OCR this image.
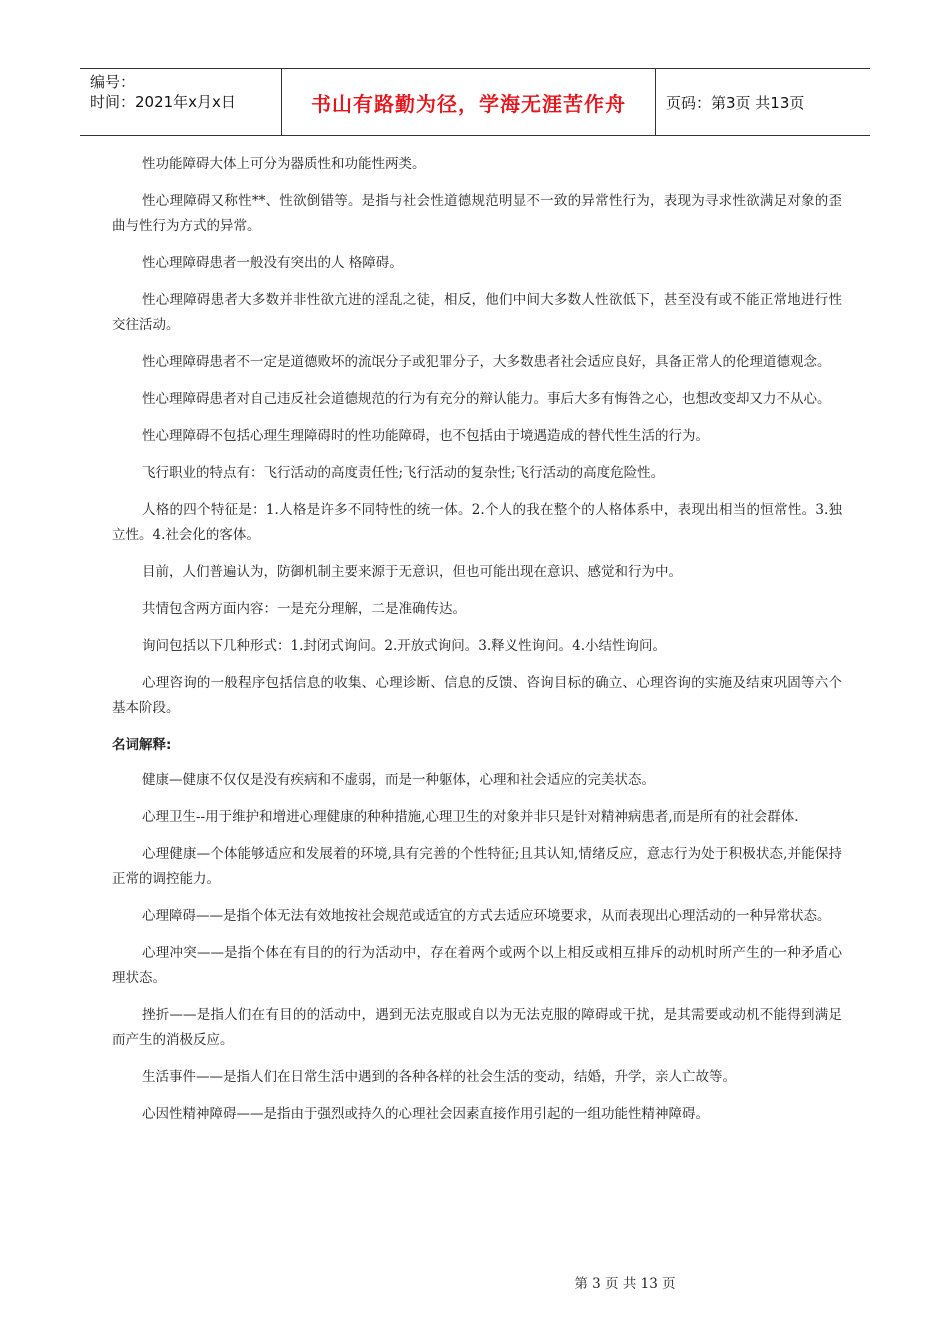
编号：
时间：2021年x月x日	书山有路勤为径，学海无涯苦作舟	页码：第3页 共13页

性功能障碍大体上可分为器质性和功能性两类。

性心理障碍又称性**、性欲倒错等。是指与社会性道德规范明显不一致的异常性行为，表现为寻求性欲满足对象的歪曲与性行为方式的异常。

性心理障碍患者一般没有突出的人 格障碍。

性心理障碍患者大多数并非性欲亢进的淫乱之徒，相反，他们中间大多数人性欲低下，甚至没有或不能正常地进行性交往活动。

性心理障碍患者不一定是道德败坏的流氓分子或犯罪分子，大多数患者社会适应良好，具备正常人的伦理道德观念。

性心理障碍患者对自己违反社会道德规范的行为有充分的辩认能力。事后大多有悔咎之心，也想改变却又力不从心。

性心理障碍不包括心理生理障碍时的性功能障碍，也不包括由于境遇造成的替代性生活的行为。

飞行职业的特点有：飞行活动的高度责任性;飞行活动的复杂性;飞行活动的高度危险性。

人格的四个特征是：1.人格是许多不同特性的统一体。2.个人的我在整个的人格体系中，表现出相当的恒常性。3.独立性。4.社会化的客体。

目前，人们普遍认为，防御机制主要来源于无意识，但也可能出现在意识、感觉和行为中。

共情包含两方面内容：一是充分理解，二是准确传达。

询问包括以下几种形式：1.封闭式询问。2.开放式询问。3.释义性询问。4.小结性询问。

心理咨询的一般程序包括信息的收集、心理诊断、信息的反馈、咨询目标的确立、心理咨询的实施及结束巩固等六个基本阶段。

名词解释:

健康—健康不仅仅是没有疾病和不虚弱，而是一种躯体，心理和社会适应的完美状态。

心理卫生--用于维护和增进心理健康的种种措施,心理卫生的对象并非只是针对精神病患者,而是所有的社会群体.

心理健康—个体能够适应和发展着的环境,具有完善的个性特征;且其认知,情绪反应，意志行为处于积极状态,并能保持正常的调控能力。

心理障碍——是指个体无法有效地按社会规范或适宜的方式去适应环境要求，从而表现出心理活动的一种异常状态。

心理冲突——是指个体在有目的的行为活动中，存在着两个或两个以上相反或相互排斥的动机时所产生的一种矛盾心理状态。

挫折——是指人们在有目的的活动中，遇到无法克服或自以为无法克服的障碍或干扰，是其需要或动机不能得到满足而产生的消极反应。

生活事件——是指人们在日常生活中遇到的各种各样的社会生活的变动，结婚，升学，亲人亡故等。

心因性精神障碍——是指由于强烈或持久的心理社会因素直接作用引起的一组功能性精神障碍。

第 3 页 共 13 页
